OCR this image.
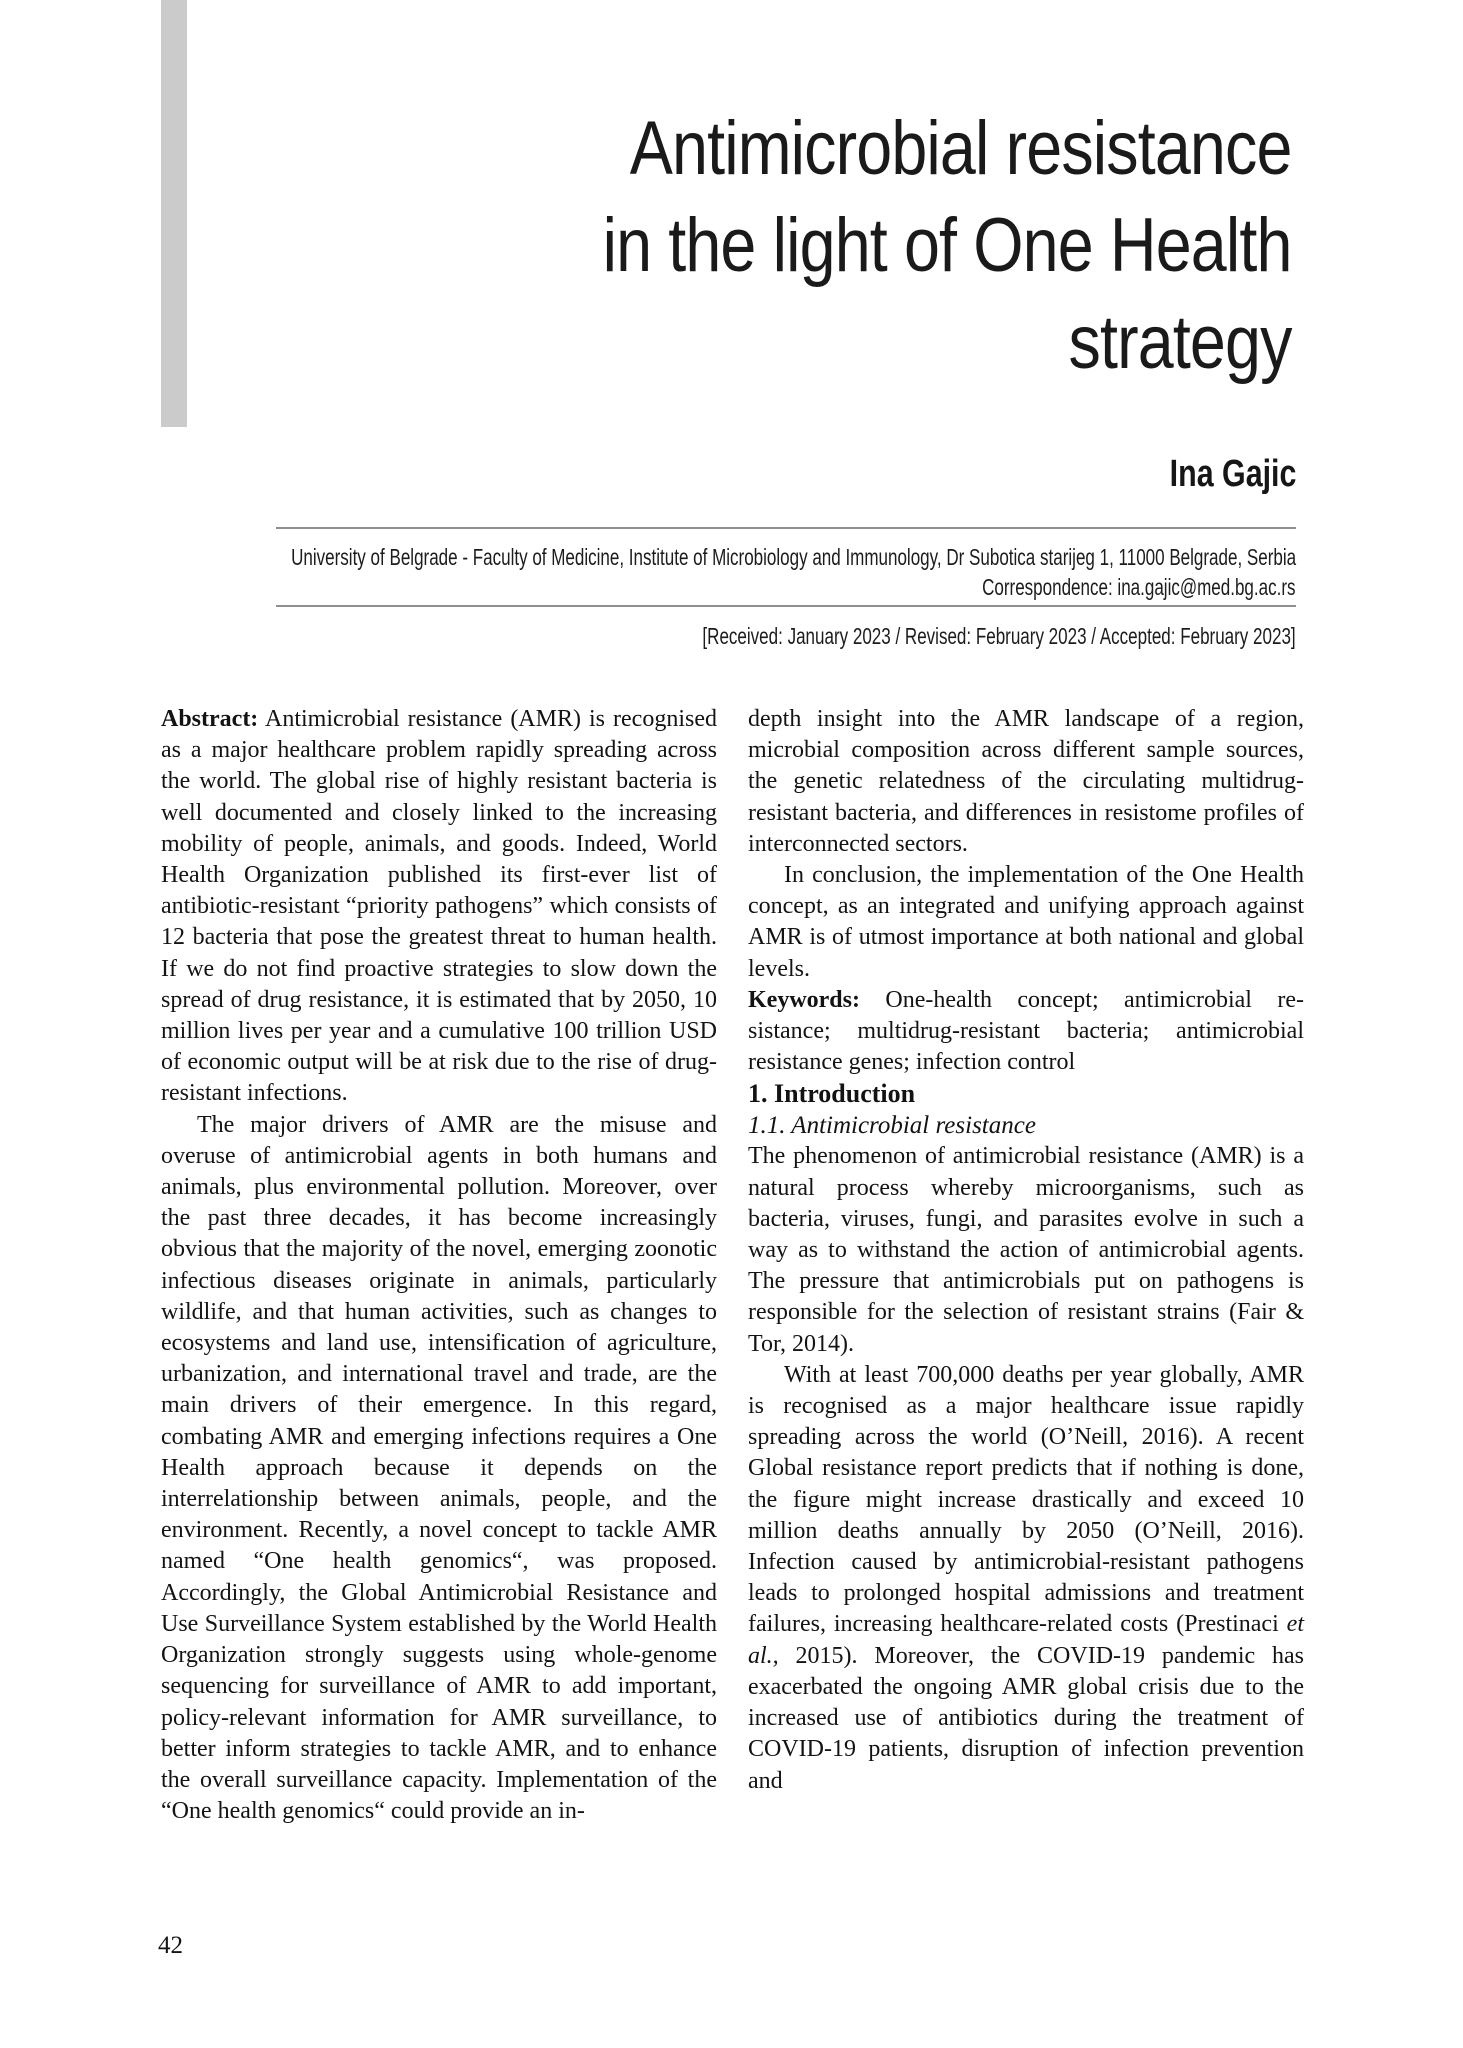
Antimicrobial resistance
in the light of One Health
strategy
Ina Gajic
University of Belgrade - Faculty of Medicine, Institute of Microbiology and Immunology, Dr Subotica starijeg 1, 11000 Belgrade, Serbia
Correspondence: ina.gajic@med.bg.ac.rs
[Received: January 2023 / Revised: February 2023 / Accepted: February 2023]

Abstract: Antimicrobial resistance (AMR) is recognised as a major healthcare problem rapidly spreading across the world. The global rise of highly resistant bacteria is well documented and closely linked to the increasing mobility of people, animals, and goods. Indeed, World Health Organization published its first-ever list of antibiotic-resistant “priority pathogens” which consists of 12 bacteria that pose the greatest threat to human health. If we do not find proactive strategies to slow down the spread of drug resistance, it is estimated that by 2050, 10 million lives per year and a cumulative 100 trillion USD of economic output will be at risk due to the rise of drug-resistant infections.

The major drivers of AMR are the misuse and overuse of antimicrobial agents in both humans and animals, plus environmental pollution. Moreover, over the past three decades, it has become increasingly obvious that the majority of the novel, emerging zoonotic infectious diseases originate in animals, particularly wildlife, and that human activities, such as changes to ecosystems and land use, intensification of agriculture, urbanization, and international travel and trade, are the main drivers of their emergence. In this regard, combating AMR and emerging infections requires a One Health approach because it depends on the interrelationship between animals, people, and the environment. Recently, a novel concept to tackle AMR named “One health genomics“, was proposed. Accordingly, the Global Antimicrobial Resistance and Use Surveillance System established by the World Health Organization strongly suggests using whole-genome sequencing for surveillance of AMR to add important, policy-relevant information for AMR surveillance, to better inform strategies to tackle AMR, and to enhance the overall surveillance capacity. Implementation of the “One health genomics“ could provide an in-

depth insight into the AMR landscape of a region, microbial composition across different sample sources, the genetic relatedness of the circulating multidrug-resistant bacteria, and differences in resistome profiles of interconnected sectors.

In conclusion, the implementation of the One Health concept, as an integrated and unifying approach against AMR is of utmost importance at both national and global levels.

Keywords: One-health concept; antimicrobial re-sistance; multidrug-resistant bacteria; antimicrobial resistance genes; infection control

1. Introduction

1.1. Antimicrobial resistance

The phenomenon of antimicrobial resistance (AMR) is a natural process whereby microorganisms, such as bacteria, viruses, fungi, and parasites evolve in such a way as to withstand the action of antimicrobial agents. The pressure that antimicrobials put on pathogens is responsible for the selection of resistant strains (Fair & Tor, 2014).

With at least 700,000 deaths per year globally, AMR is recognised as a major healthcare issue rapidly spreading across the world (O’Neill, 2016). A recent Global resistance report predicts that if nothing is done, the figure might increase drastically and exceed 10 million deaths annually by 2050 (O’Neill, 2016). Infection caused by antimicrobial-resistant pathogens leads to prolonged hospital admissions and treatment failures, increasing healthcare-related costs (Prestinaci et al., 2015). Moreover, the COVID-19 pandemic has exacerbated the ongoing AMR global crisis due to the increased use of antibiotics during the treatment of COVID-19 patients, disruption of infection prevention and

42
